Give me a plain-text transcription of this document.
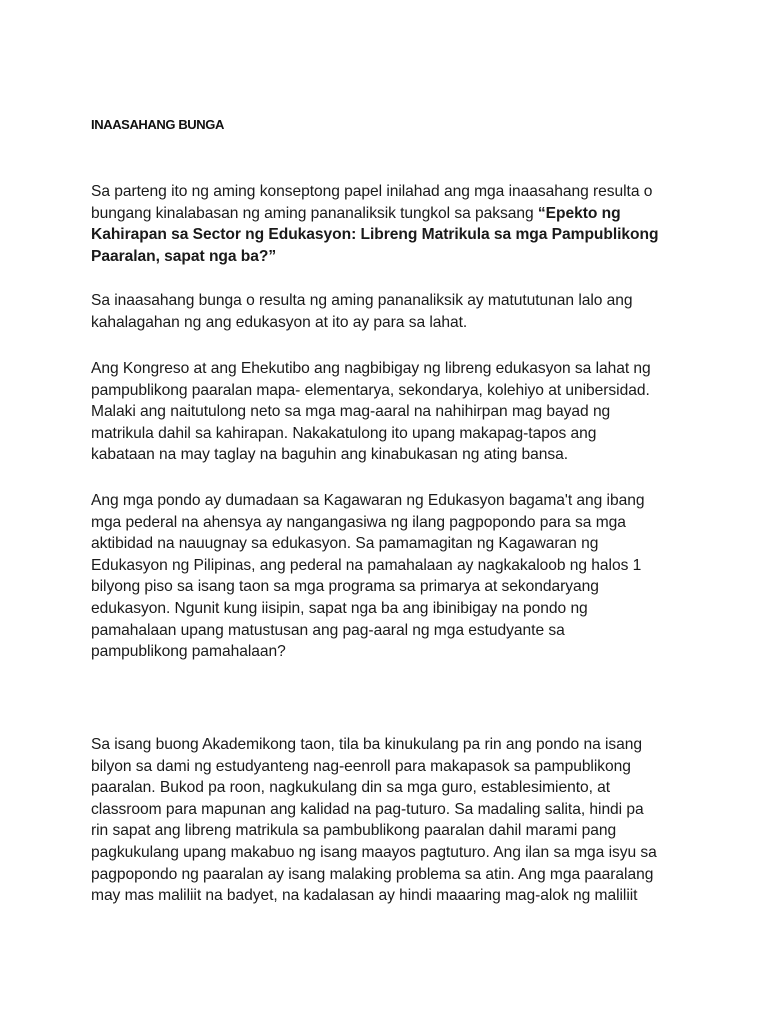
INAASAHANG BUNGA
Sa parteng ito ng aming konseptong papel inilahad ang mga inaasahang resulta o
bungang kinalabasan ng aming pananaliksik tungkol sa paksang “Epekto ng
Kahirapan sa Sector ng Edukasyon: Libreng Matrikula sa mga Pampublikong
Paaralan, sapat nga ba?”
Sa inaasahang bunga o resulta ng aming pananaliksik ay matututunan lalo ang
kahalagahan ng ang edukasyon at ito ay para sa lahat.
Ang Kongreso at ang Ehekutibo ang nagbibigay ng libreng edukasyon sa lahat ng
pampublikong paaralan mapa- elementarya, sekondarya, kolehiyo at unibersidad.
Malaki ang naitutulong neto sa mga mag-aaral na nahihirpan mag bayad ng
matrikula dahil sa kahirapan. Nakakatulong ito upang makapag-tapos ang
kabataan na may taglay na baguhin ang kinabukasan ng ating bansa.
Ang mga pondo ay dumadaan sa Kagawaran ng Edukasyon bagama't ang ibang
mga pederal na ahensya ay nangangasiwa ng ilang pagpopondo para sa mga
aktibidad na nauugnay sa edukasyon. Sa pamamagitan ng Kagawaran ng
Edukasyon ng Pilipinas, ang pederal na pamahalaan ay nagkakaloob ng halos 1
bilyong piso sa isang taon sa mga programa sa primarya at sekondaryang
edukasyon. Ngunit kung iisipin, sapat nga ba ang ibinibigay na pondo ng
pamahalaan upang matustusan ang pag-aaral ng mga estudyante sa
pampublikong pamahalaan?
Sa isang buong Akademikong taon, tila ba kinukulang pa rin ang pondo na isang
bilyon sa dami ng estudyanteng nag-eenroll para makapasok sa pampublikong
paaralan. Bukod pa roon, nagkukulang din sa mga guro, establesimiento, at
classroom para mapunan ang kalidad na pag-tuturo. Sa madaling salita, hindi pa
rin sapat ang libreng matrikula sa pambublikong paaralan dahil marami pang
pagkukulang upang makabuo ng isang maayos pagtuturo. Ang ilan sa mga isyu sa
pagpopondo ng paaralan ay isang malaking problema sa atin. Ang mga paaralang
may mas maliliit na badyet, na kadalasan ay hindi maaaring mag-alok ng maliliit
